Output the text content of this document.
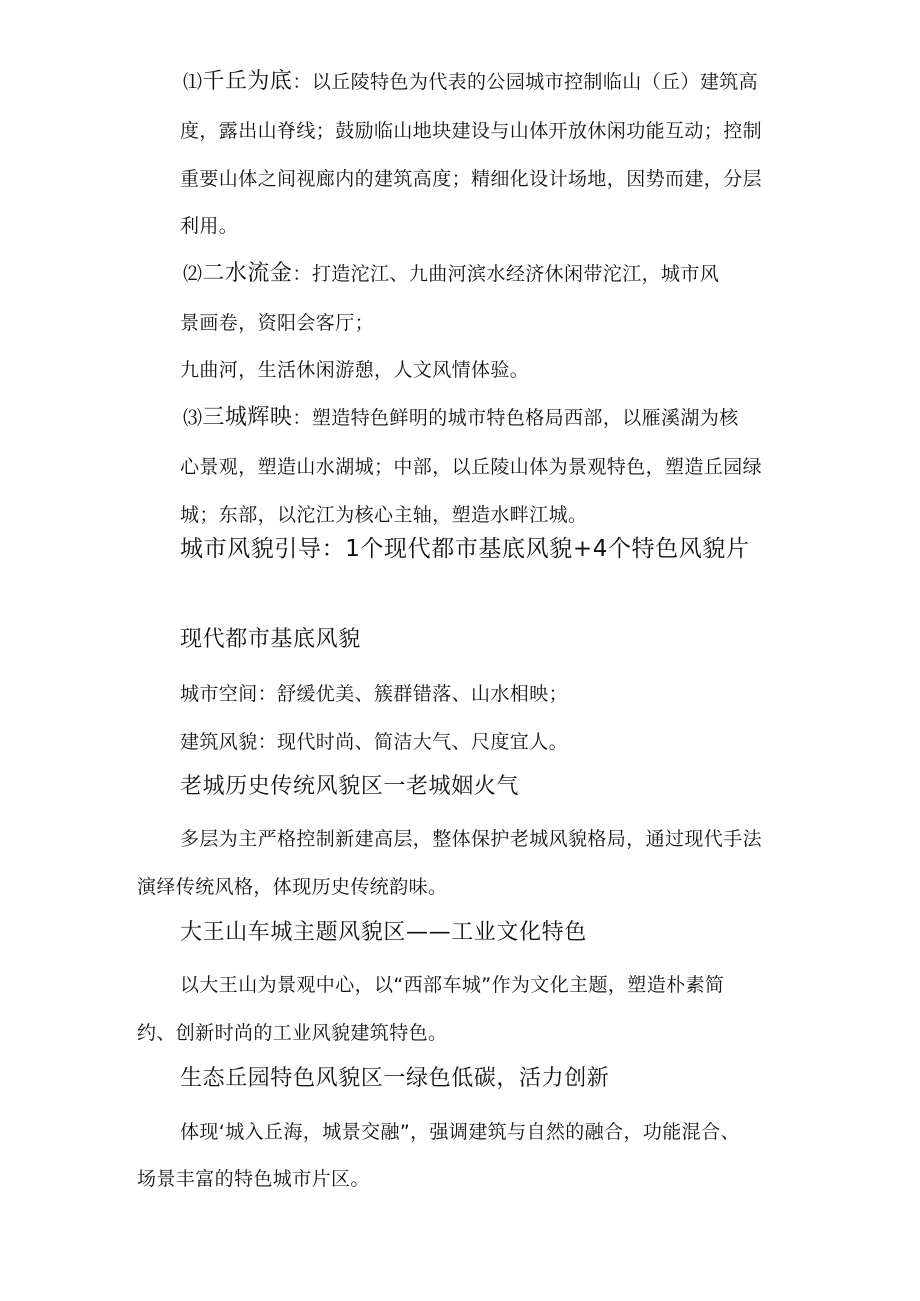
⑴千丘为底：以丘陵特色为代表的公园城市控制临山（丘）建筑高
度，露出山脊线；鼓励临山地块建设与山体开放休闲功能互动；控制
重要山体之间视廊内的建筑高度；精细化设计场地，因势而建，分层
利用。
⑵二水流金：打造沱江、九曲河滨水经济休闲带沱江，城市风
景画卷，资阳会客厅；
九曲河，生活休闲游憩，人文风情体验。
⑶三城辉映：塑造特色鲜明的城市特色格局西部，以雁溪湖为核
心景观，塑造山水湖城；中部，以丘陵山体为景观特色，塑造丘园绿
城；东部，以沱江为核心主轴，塑造水畔江城。
城市风貌引导：1个现代都市基底风貌+4个特色风貌片
现代都市基底风貌
城市空间：舒缓优美、簇群错落、山水相映；
建筑风貌：现代时尚、简洁大气、尺度宜人。
老城历史传统风貌区一老城姻火气
多层为主严格控制新建高层，整体保护老城风貌格局，通过现代手法
演绎传统风格，体现历史传统韵味。
大王山车城主题风貌区——工业文化特色
以大王山为景观中心，以“西部车城”作为文化主题，塑造朴素简
约、创新时尚的工业风貌建筑特色。
生态丘园特色风貌区一绿色低碳，活力创新
体现‘城入丘海，城景交融”，强调建筑与自然的融合，功能混合、
场景丰富的特色城市片区。
